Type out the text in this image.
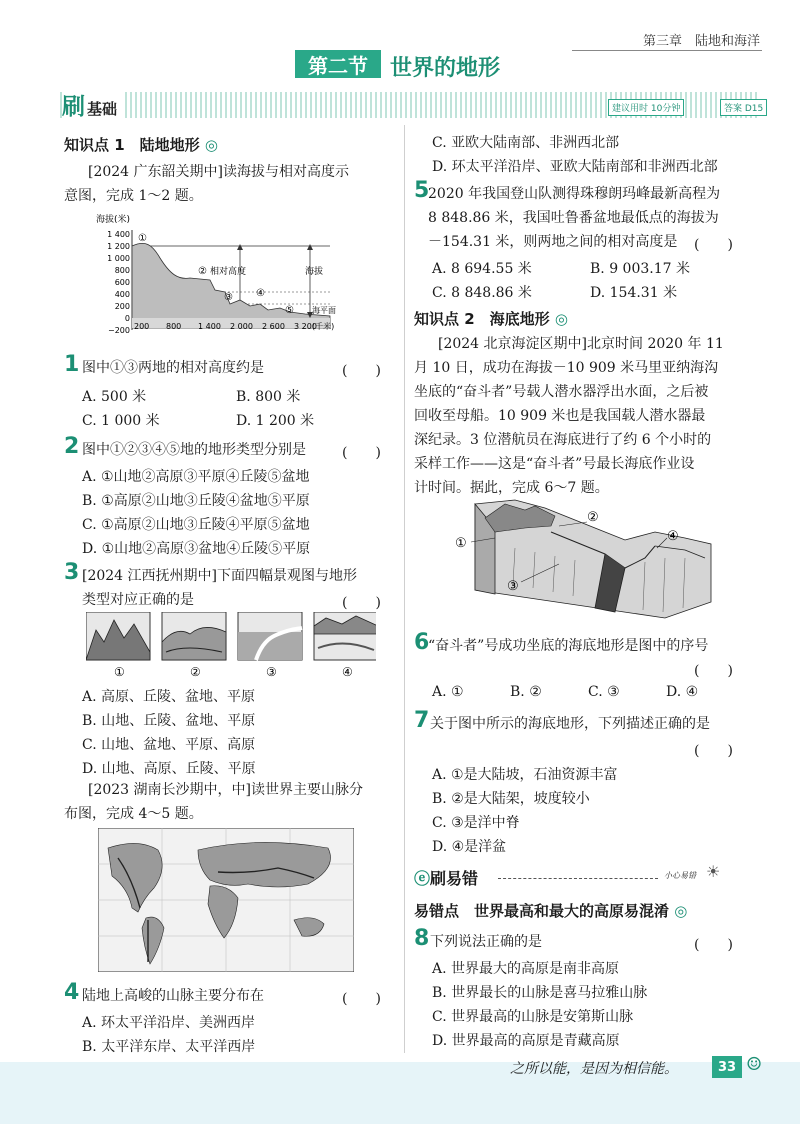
第三章　陆地和海洋
第二节	世界的地形
刷基础	建议用时 10分钟	答案 D15
知识点 1　陆地地形 ◎
[2024 广东韶关期中]读海拔与相对高度示
意图，完成 1～2 题。
海拔(米)
1 400
1 200
1 000
800
600
400
200
0
−200
相对高度	海拔
海平面
①
②
③ ④
⑤
200 800 1 400 2 000 2 600 3 200
(千米)
1 图中①③两地的相对高度约是	(　　)
A. 500 米	B. 800 米
C. 1 000 米	D. 1 200 米
2 图中①②③④⑤地的地形类型分别是	(　　)
A. ①山地②高原③平原④丘陵⑤盆地
B. ①高原②山地③丘陵④盆地⑤平原
C. ①高原②山地③丘陵④平原⑤盆地
D. ①山地②高原③盆地④丘陵⑤平原
3 [2024 江西抚州期中]下面四幅景观图与地形
类型对应正确的是	(　　)
①	②	③	④
A. 高原、丘陵、盆地、平原
B. 山地、丘陵、盆地、平原
C. 山地、盆地、平原、高原
D. 山地、高原、丘陵、平原
[2023 湖南长沙期中，中]读世界主要山脉分
布图，完成 4～5 题。
4 陆地上高峻的山脉主要分布在	(　　)
A. 环太平洋沿岸、美洲西岸
B. 太平洋东岸、太平洋西岸
C. 亚欧大陆南部、非洲西北部
D. 环太平洋沿岸、亚欧大陆南部和非洲西北部
5
2020 年我国登山队测得珠穆朗玛峰最新高程为
8 848.86 米，我国吐鲁番盆地最低点的海拔为
－154.31 米，则两地之间的相对高度是 (　　)
A. 8 694.55 米	B. 9 003.17 米
C. 8 848.86 米	D. 154.31 米
知识点 2　海底地形 ◎
[2024 北京海淀区期中]北京时间 2020 年 11
月 10 日，成功在海拔－10 909 米马里亚纳海沟
坐底的“奋斗者”号载人潜水器浮出水面，之后被
回收至母船。10 909 米也是我国载人潜水器最
深纪录。3 位潜航员在海底进行了约 6 个小时的
采样工作——这是“奋斗者”号最长海底作业设
计时间。据此，完成 6～7 题。
①
②
③
④
6
“奋斗者”号成功坐底的海底地形是图中的序号
(　　)
A. ①	B. ②	C. ③	D. ④
7 关于图中所示的海底地形，下列描述正确的是
(　　)
A. ①是大陆坡，石油资源丰富
B. ②是大陆架，坡度较小
C. ③是洋中脊
D. ④是洋盆
ⓔ刷易错	小心易错 ☀
易错点　世界最高和最大的高原易混淆 ◎
8 下列说法正确的是	(　　)
A. 世界最大的高原是南非高原
B. 世界最长的山脉是喜马拉雅山脉
C. 世界最高的山脉是安第斯山脉
D. 世界最高的高原是青藏高原
之所以能，是因为相信能。	33 ☺
